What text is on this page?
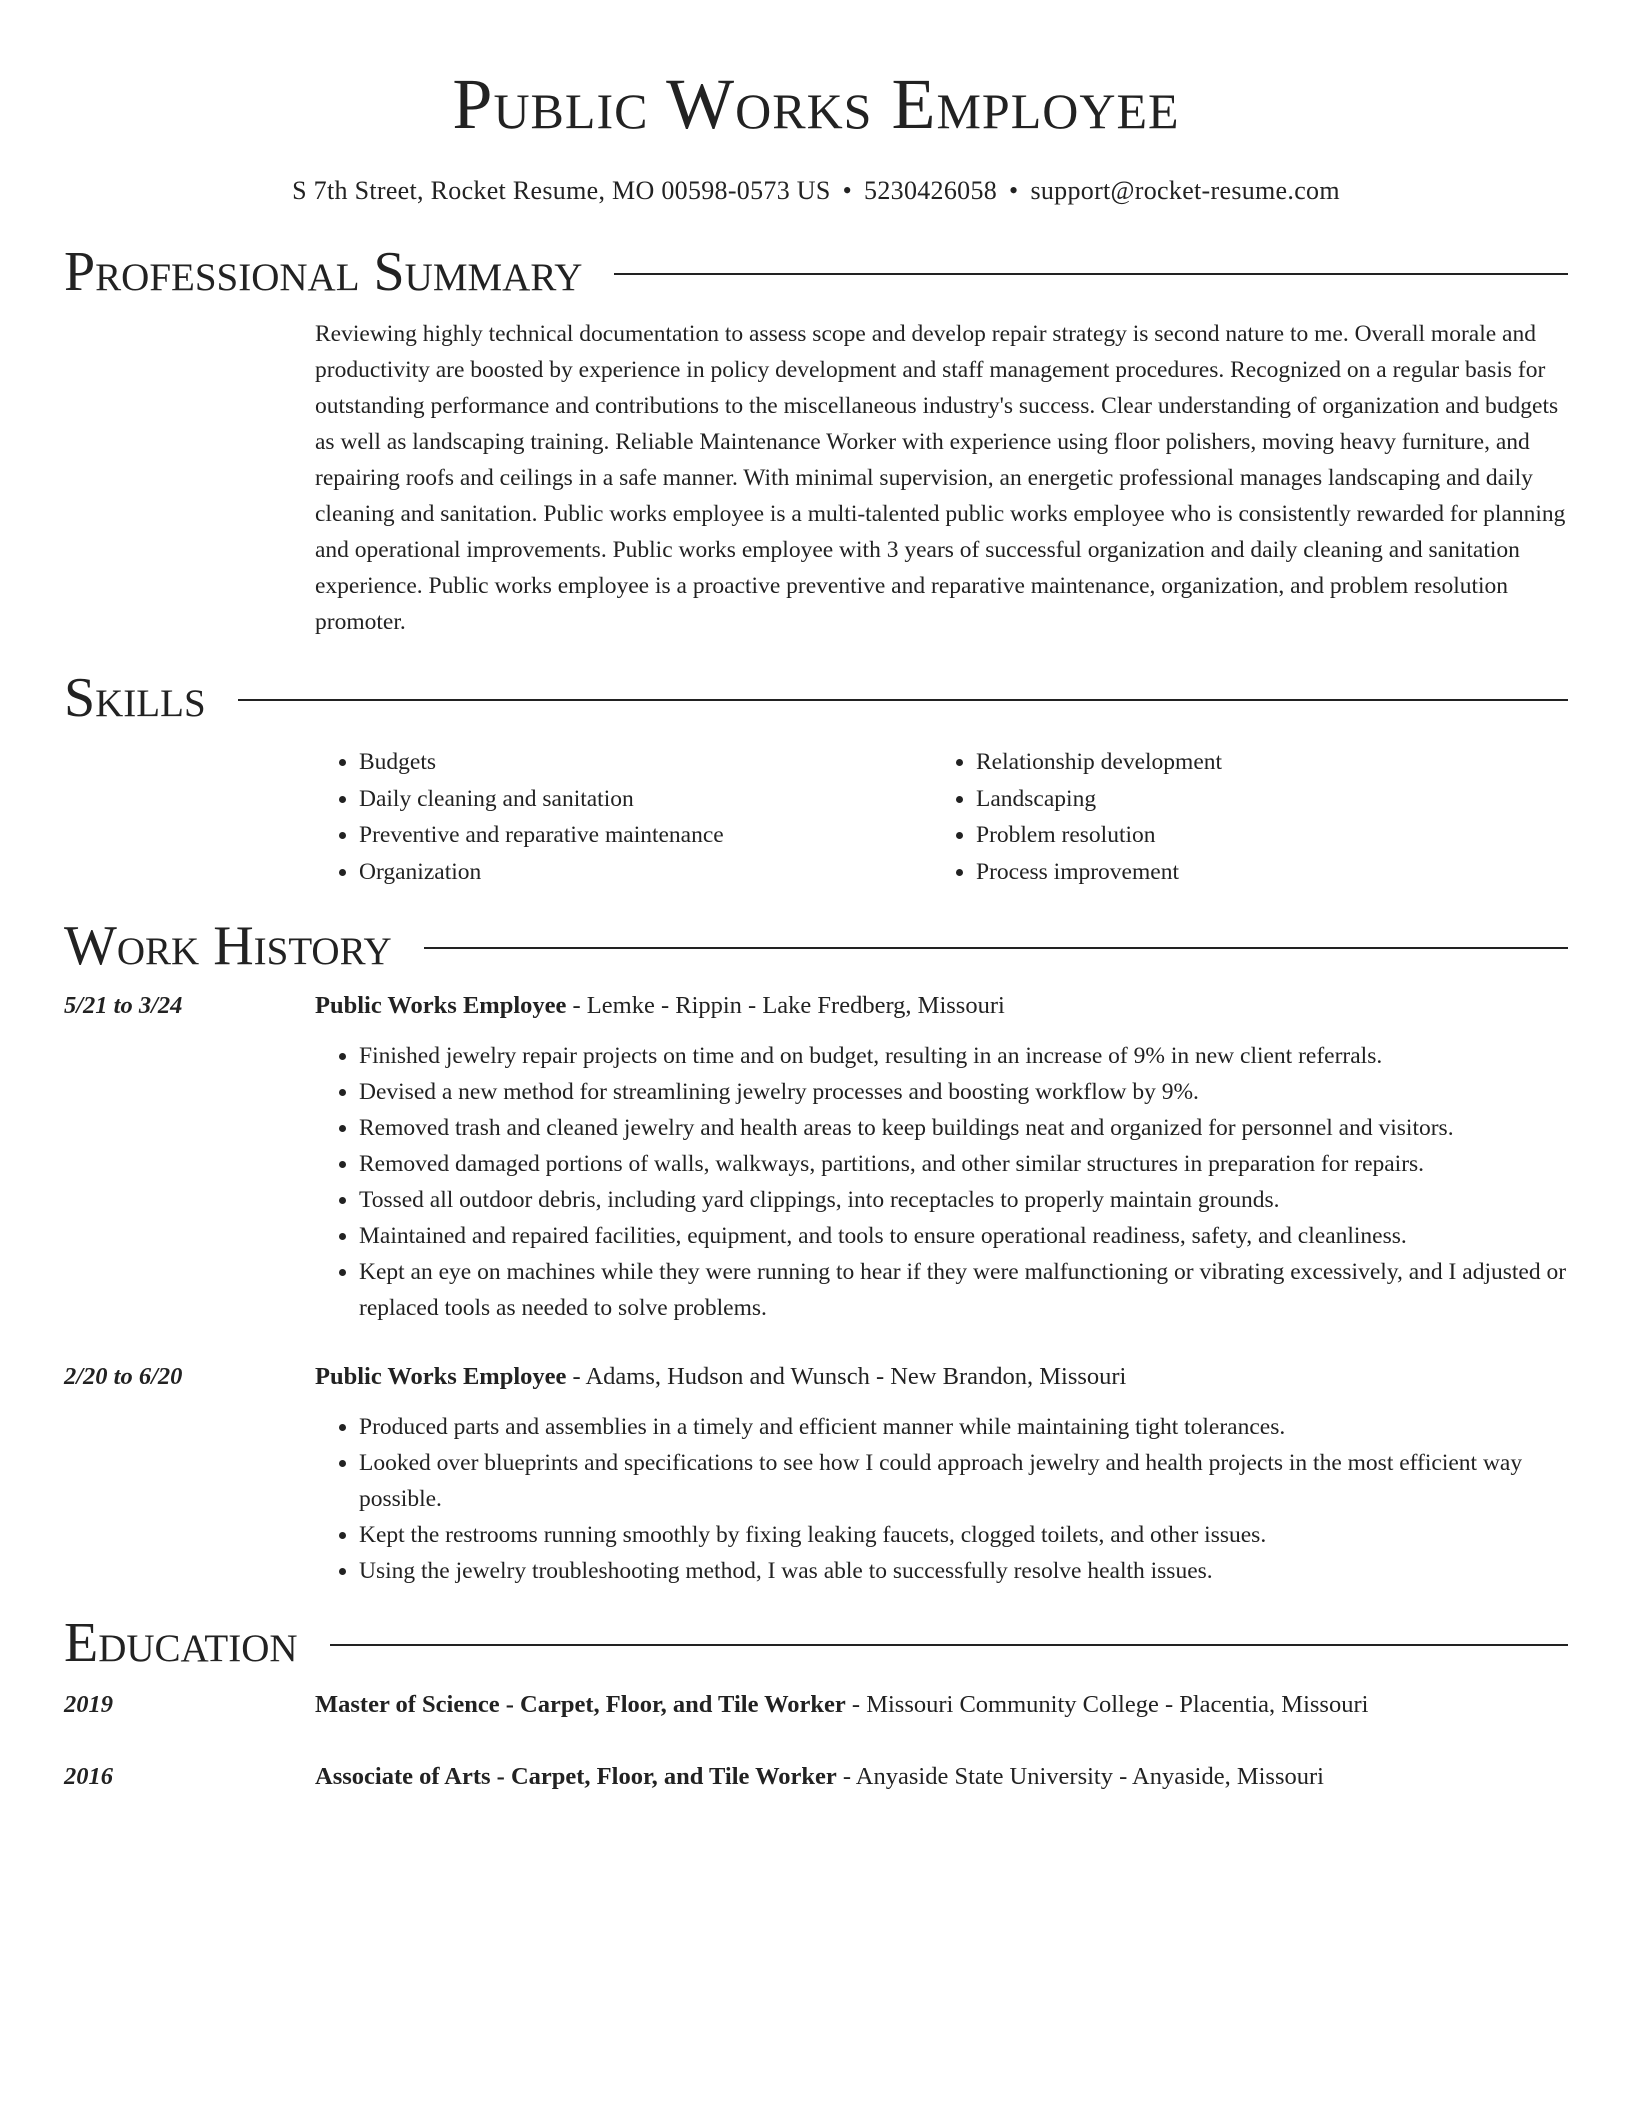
Public Works Employee
S 7th Street, Rocket Resume, MO 00598-0573 US • 5230426058 • support@rocket-resume.com
Professional Summary

Reviewing highly technical documentation to assess scope and develop repair strategy is second nature to me. Overall morale and productivity are boosted by experience in policy development and staff management procedures. Recognized on a regular basis for outstanding performance and contributions to the miscellaneous industry's success. Clear understanding of organization and budgets as well as landscaping training. Reliable Maintenance Worker with experience using floor polishers, moving heavy furniture, and repairing roofs and ceilings in a safe manner. With minimal supervision, an energetic professional manages landscaping and daily cleaning and sanitation. Public works employee is a multi-talented public works employee who is consistently rewarded for planning and operational improvements. Public works employee with 3 years of successful organization and daily cleaning and sanitation experience. Public works employee is a proactive preventive and reparative maintenance, organization, and problem resolution promoter.

Skills
• Budgets
• Daily cleaning and sanitation
• Preventive and reparative maintenance
• Organization
• Relationship development
• Landscaping
• Problem resolution
• Process improvement
Work History
5/21 to 3/24	Public Works Employee - Lemke - Rippin - Lake Fredberg, Missouri
• Finished jewelry repair projects on time and on budget, resulting in an increase of 9% in new client referrals.
• Devised a new method for streamlining jewelry processes and boosting workflow by 9%.
• Removed trash and cleaned jewelry and health areas to keep buildings neat and organized for personnel and visitors.
• Removed damaged portions of walls, walkways, partitions, and other similar structures in preparation for repairs.
• Tossed all outdoor debris, including yard clippings, into receptacles to properly maintain grounds.
• Maintained and repaired facilities, equipment, and tools to ensure operational readiness, safety, and cleanliness.
• Kept an eye on machines while they were running to hear if they were malfunctioning or vibrating excessively, and I adjusted or replaced tools as needed to solve problems.
2/20 to 6/20	Public Works Employee - Adams, Hudson and Wunsch - New Brandon, Missouri
• Produced parts and assemblies in a timely and efficient manner while maintaining tight tolerances.
• Looked over blueprints and specifications to see how I could approach jewelry and health projects in the most efficient way possible.
• Kept the restrooms running smoothly by fixing leaking faucets, clogged toilets, and other issues.
• Using the jewelry troubleshooting method, I was able to successfully resolve health issues.
Education
2019	Master of Science - Carpet, Floor, and Tile Worker - Missouri Community College - Placentia, Missouri
2016	Associate of Arts - Carpet, Floor, and Tile Worker - Anyaside State University - Anyaside, Missouri
